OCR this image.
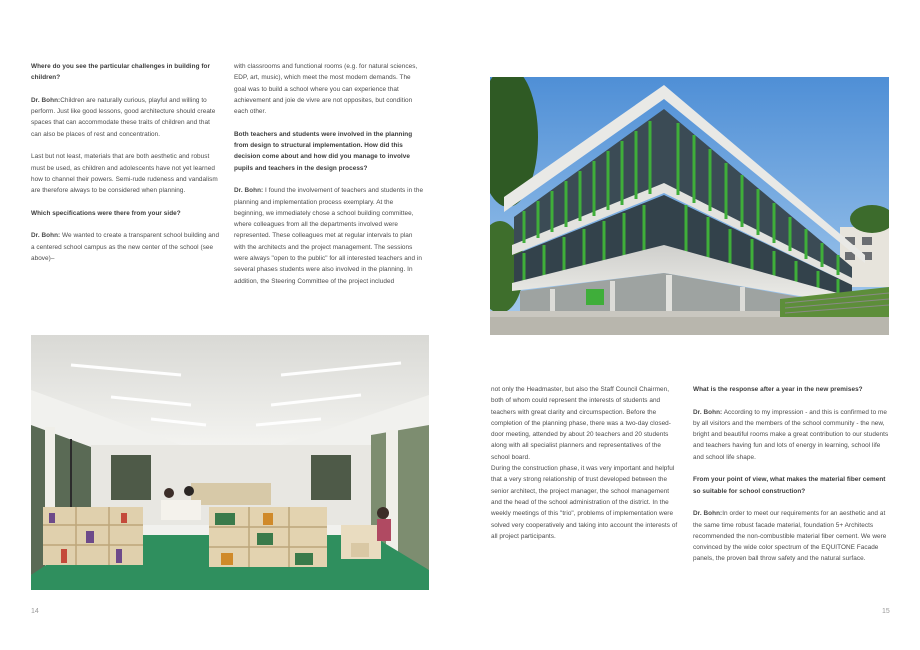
Where do you see the particular challenges in building for children?

Dr. Bohn:Children are naturally curious, playful and willing to perform. Just like good lessons, good architecture should create spaces that can accommodate these traits of children and that can also be places of rest and concentration.

Last but not least, materials that are both aesthetic and robust must be used, as children and adolescents have not yet learned how to channel their powers. Semi-rude rudeness and vandalism are therefore always to be considered when planning.

Which specifications were there from your side?

Dr. Bohn: We wanted to create a transparent school building and a centered school campus as the new center of the school (see above)–

with classrooms and functional rooms (e.g. for natural sciences, EDP, art, music), which meet the most modern demands. The goal was to build a school where you can experience that achievement and joie de vivre are not opposites, but condition each other.

Both teachers and students were involved in the planning from design to structural implementation. How did this decision come about and how did you manage to involve pupils and teachers in the design process?

Dr. Bohn: I found the involvement of teachers and students in the planning and implementation process exemplary. At the beginning, we immediately chose a school building committee, where colleagues from all the departments involved were represented. These colleagues met at regular intervals to plan with the architects and the project management. The sessions were always "open to the public" for all interested teachers and in several phases students were also involved in the planning. In addition, the Steering Committee of the project included

not only the Headmaster, but also the Staff Council Chairmen, both of whom could represent the interests of students and teachers with great clarity and circumspection. Before the completion of the planning phase, there was a two-day closed-door meeting, attended by about 20 teachers and 20 students along with all specialist planners and representatives of the school board.

During the construction phase, it was very important and helpful that a very strong relationship of trust developed between the senior architect, the project manager, the school management and the head of the school administration of the district. In the weekly meetings of this "trio", problems of implementation were solved very cooperatively and taking into account the interests of all project participants.

What is the response after a year in the new premises?

Dr. Bohn: According to my impression - and this is confirmed to me by all visitors and the members of the school community - the new, bright and beautiful rooms make a great contribution to our students and teachers having fun and lots of energy in learning, school life and school life shape.

From your point of view, what makes the material fiber cement so suitable for school construction?

Dr. Bohn:In order to meet our requirements for an aesthetic and at the same time robust facade material, foundation 5+ Architects recommended the non-combustible material fiber cement. We were convinced by the wide color spectrum of the EQUITONE Facade panels, the proven ball throw safety and the natural surface.

14	15
